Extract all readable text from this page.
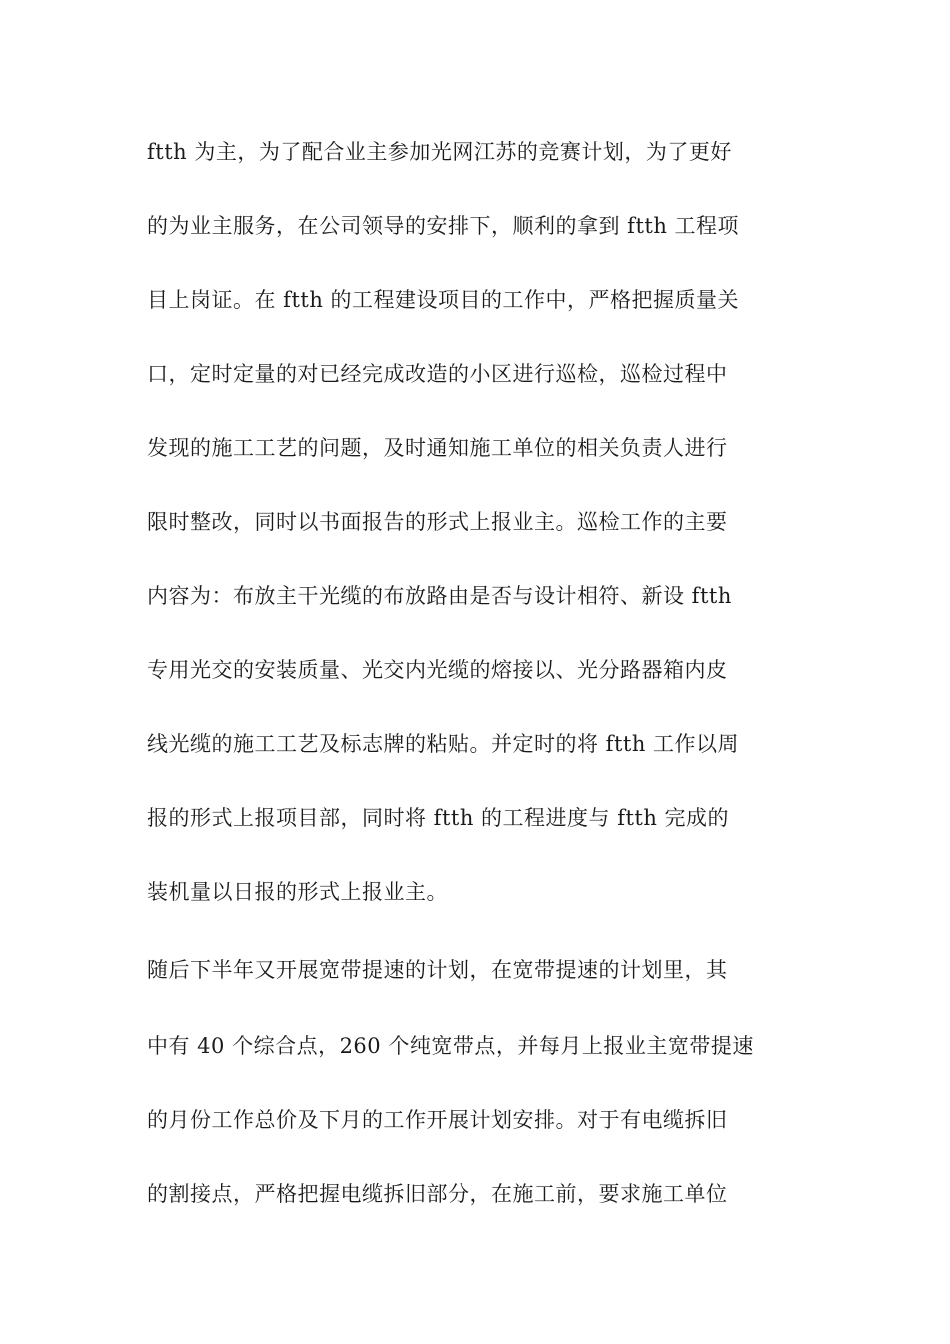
ftth 为主，为了配合业主参加光网江苏的竞赛计划，为了更好
的为业主服务，在公司领导的安排下，顺利的拿到 ftth 工程项
目上岗证。在 ftth 的工程建设项目的工作中，严格把握质量关
口，定时定量的对已经完成改造的小区进行巡检，巡检过程中
发现的施工工艺的问题，及时通知施工单位的相关负责人进行
限时整改，同时以书面报告的形式上报业主。巡检工作的主要
内容为：布放主干光缆的布放路由是否与设计相符、新设 ftth
专用光交的安装质量、光交内光缆的熔接以、光分路器箱内皮
线光缆的施工工艺及标志牌的粘贴。并定时的将 ftth 工作以周
报的形式上报项目部，同时将 ftth 的工程进度与 ftth 完成的
装机量以日报的形式上报业主。
随后下半年又开展宽带提速的计划，在宽带提速的计划里，其
中有 40 个综合点，260 个纯宽带点，并每月上报业主宽带提速
的月份工作总价及下月的工作开展计划安排。对于有电缆拆旧
的割接点，严格把握电缆拆旧部分，在施工前，要求施工单位
